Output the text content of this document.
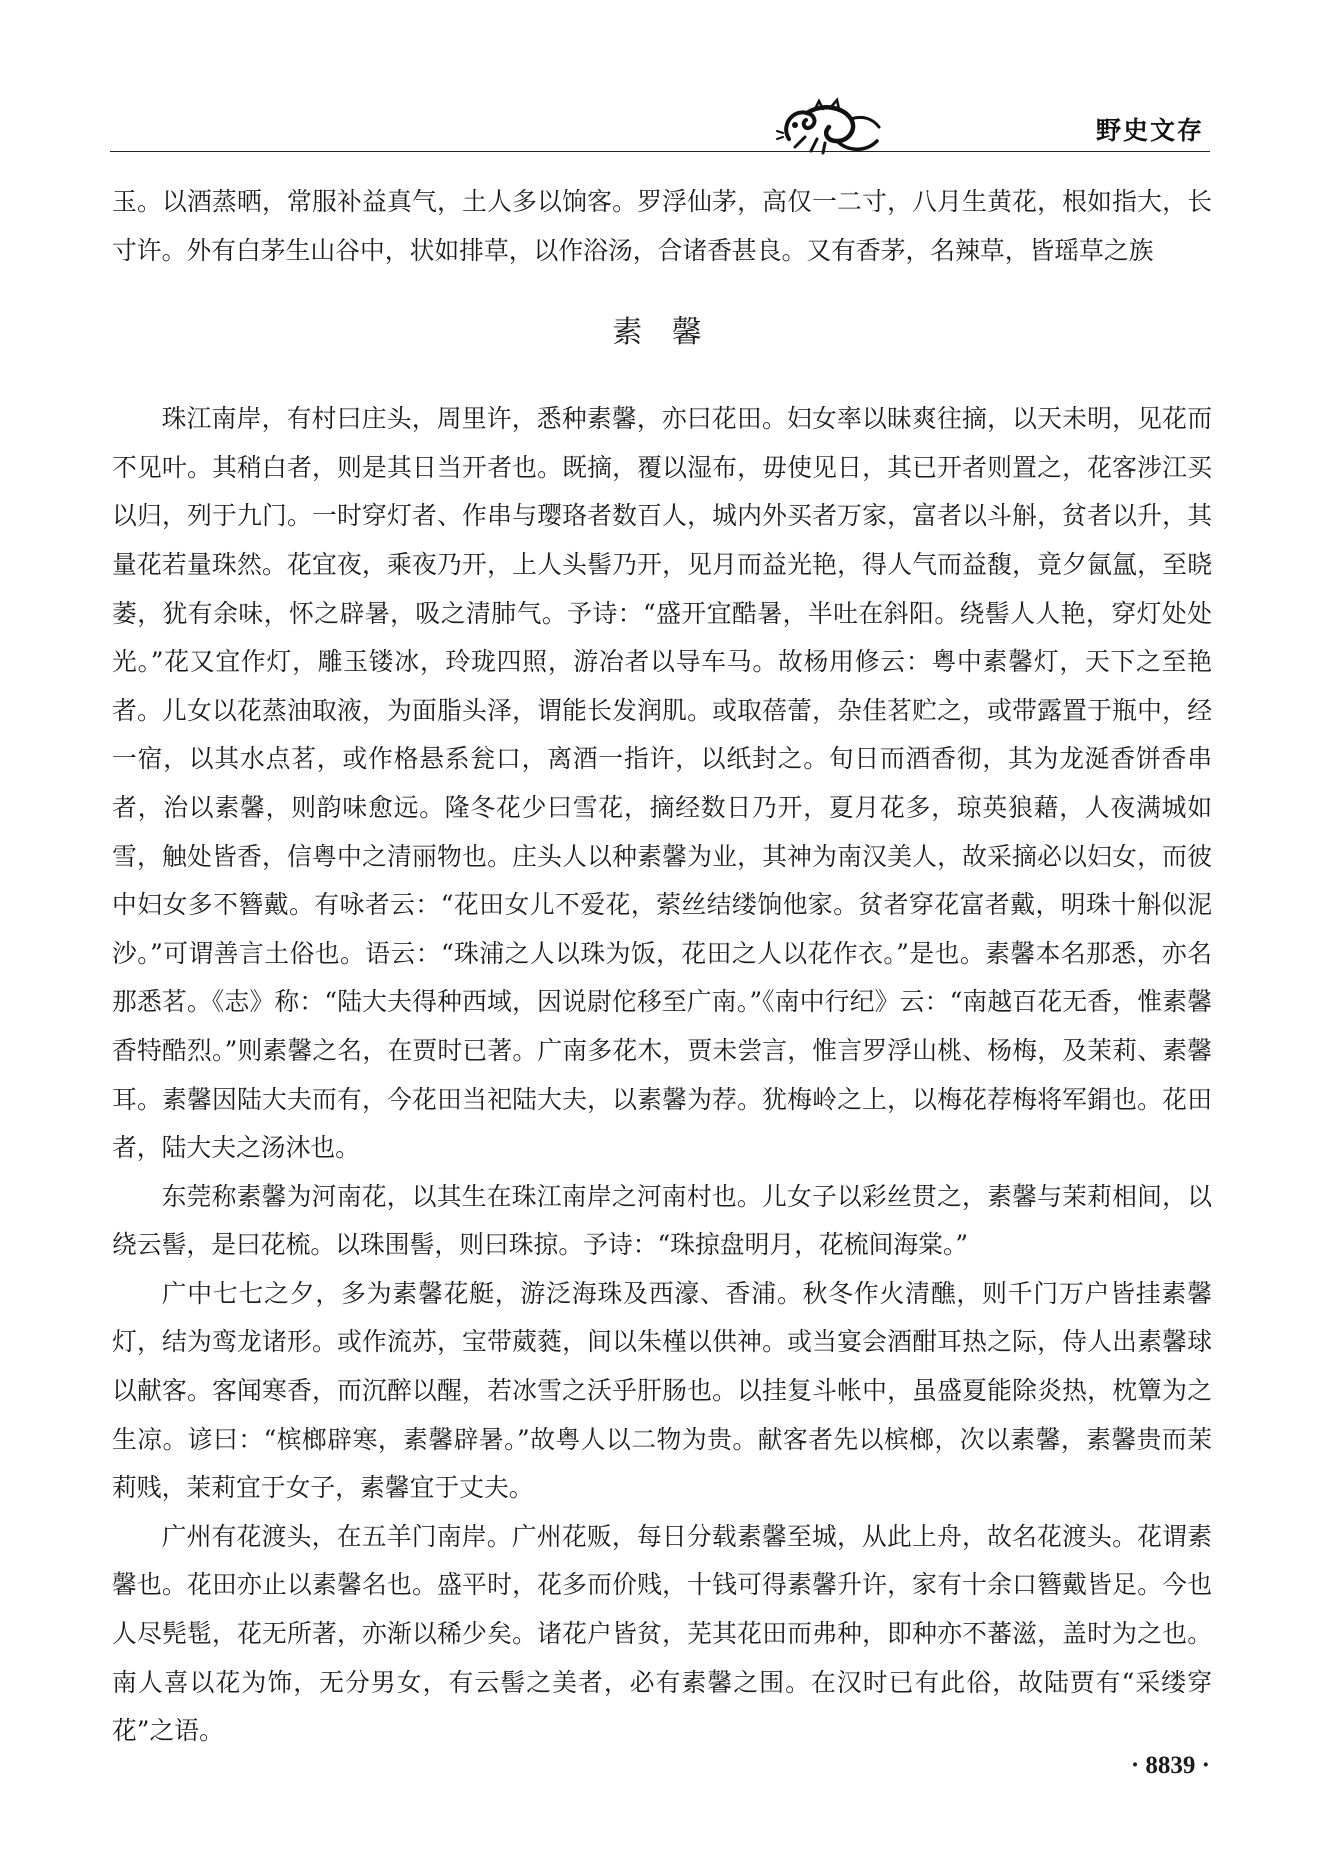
野史文存

玉。以酒蒸晒，常服补益真气，土人多以饷客。罗浮仙茅，高仅一二寸，八月生黄花，根如指大，长寸许。外有白茅生山谷中，状如排草，以作浴汤，合诸香甚良。又有香茅，名辣草，皆瑶草之族

素 馨

珠江南岸，有村曰庄头，周里许，悉种素馨，亦曰花田。妇女率以昧爽往摘，以天未明，见花而不见叶。其稍白者，则是其日当开者也。既摘，覆以湿布，毋使见日，其已开者则置之，花客涉江买以归，列于九门。一时穿灯者、作串与璎珞者数百人，城内外买者万家，富者以斗斛，贫者以升，其量花若量珠然。花宜夜，乘夜乃开，上人头髻乃开，见月而益光艳，得人气而益馥，竟夕氤氲，至晓萎，犹有余味，怀之辟暑，吸之清肺气。予诗：“盛开宜酷暑，半吐在斜阳。绕髻人人艳，穿灯处处光。”花又宜作灯，雕玉镂冰，玲珑四照，游冶者以导车马。故杨用修云：粤中素馨灯，天下之至艳者。儿女以花蒸油取液，为面脂头泽，谓能长发润肌。或取蓓蕾，杂佳茗贮之，或带露置于瓶中，经一宿，以其水点茗，或作格悬系瓮口，离酒一指许，以纸封之。旬日而酒香彻，其为龙涎香饼香串者，治以素馨，则韵味愈远。隆冬花少曰雪花，摘经数日乃开，夏月花多，琼英狼藉，人夜满城如雪，触处皆香，信粤中之清丽物也。庄头人以种素馨为业，其神为南汉美人，故采摘必以妇女，而彼中妇女多不簪戴。有咏者云：“花田女儿不爱花，萦丝结缕饷他家。贫者穿花富者戴，明珠十斛似泥沙。”可谓善言土俗也。语云：“珠浦之人以珠为饭，花田之人以花作衣。”是也。素馨本名那悉，亦名那悉茗。《志》称：“陆大夫得种西域，因说尉佗移至广南。”《南中行纪》云：“南越百花无香，惟素馨香特酷烈。”则素馨之名，在贾时已著。广南多花木，贾未尝言，惟言罗浮山桃、杨梅，及茉莉、素馨耳。素馨因陆大夫而有，今花田当祀陆大夫，以素馨为荐。犹梅岭之上，以梅花荐梅将军鋗也。花田者，陆大夫之汤沐也。

东莞称素馨为河南花，以其生在珠江南岸之河南村也。儿女子以彩丝贯之，素馨与茉莉相间，以绕云髻，是曰花梳。以珠围髻，则曰珠掠。予诗：“珠掠盘明月，花梳间海棠。”

广中七七之夕，多为素馨花艇，游泛海珠及西濠、香浦。秋冬作火清醮，则千门万户皆挂素馨灯，结为鸾龙诸形。或作流苏，宝带葳蕤，间以朱槿以供神。或当宴会酒酣耳热之际，侍人出素馨球以献客。客闻寒香，而沉醉以醒，若冰雪之沃乎肝肠也。以挂复斗帐中，虽盛夏能除炎热，枕簟为之生凉。谚曰：“槟榔辟寒，素馨辟暑。”故粤人以二物为贵。献客者先以槟榔，次以素馨，素馨贵而茉莉贱，茉莉宜于女子，素馨宜于丈夫。

广州有花渡头，在五羊门南岸。广州花贩，每日分载素馨至城，从此上舟，故名花渡头。花谓素馨也。花田亦止以素馨名也。盛平时，花多而价贱，十钱可得素馨升许，家有十余口簪戴皆足。今也人尽髡髢，花无所著，亦渐以稀少矣。诸花户皆贫，芜其花田而弗种，即种亦不蕃滋，盖时为之也。南人喜以花为饰，无分男女，有云髻之美者，必有素馨之围。在汉时已有此俗，故陆贾有“采缕穿花”之语。

· 8839 ·
